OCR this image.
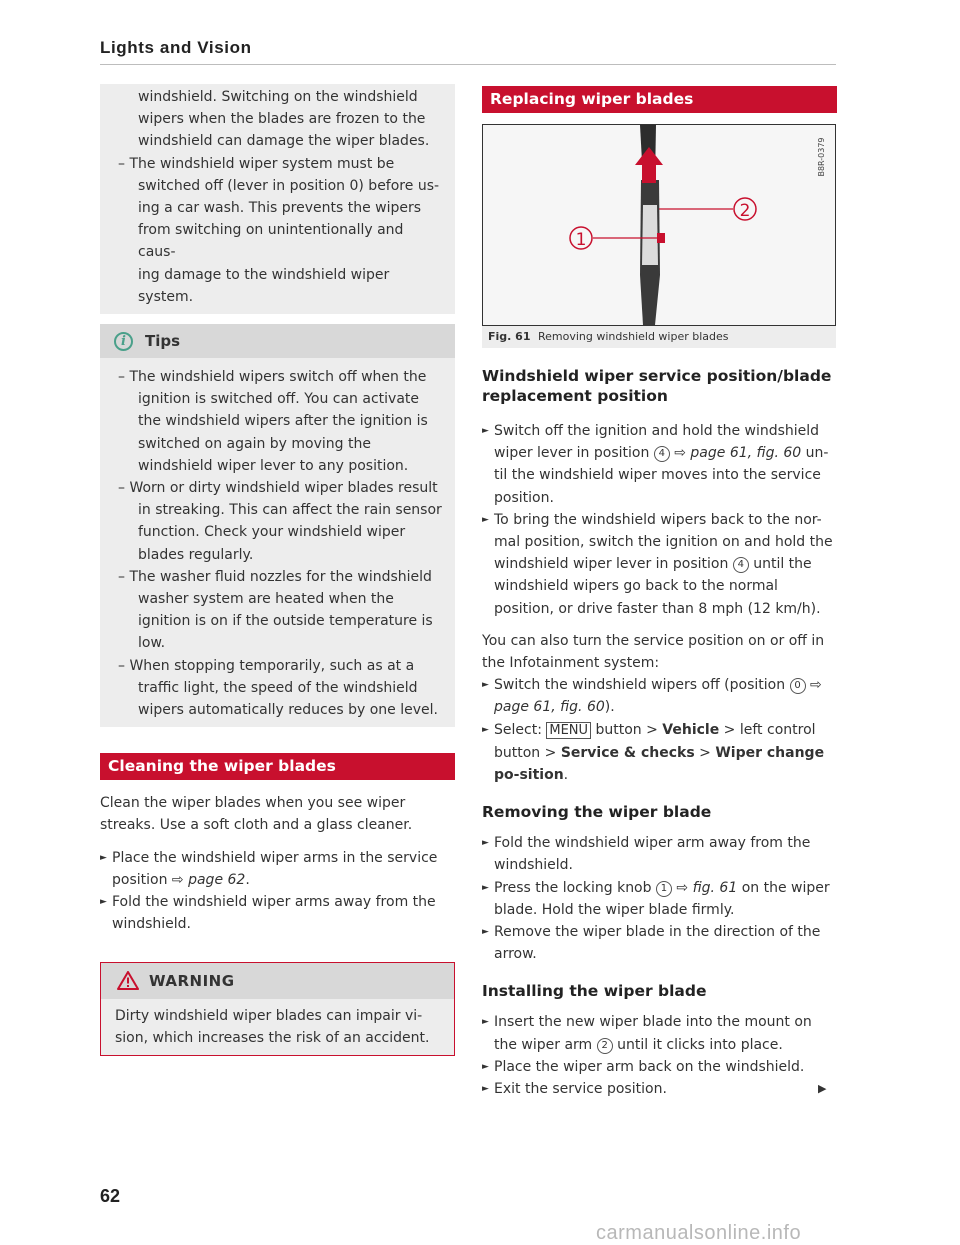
Lights and Vision

windshield. Switching on the windshield

wipers when the blades are frozen to the

windshield can damage the wiper blades.

– The windshield wiper system must be

switched off (lever in position 0) before us-

ing a car wash. This prevents the wipers

from switching on unintentionally and caus-

ing damage to the windshield wiper system.

i	Tips

– The windshield wipers switch off when the ignition is switched off. You can activate the windshield wipers after the ignition is switched on again by moving the windshield wiper lever to any position.

– Worn or dirty windshield wiper blades result in streaking. This can affect the rain sensor function. Check your windshield wiper blades regularly.

– The washer fluid nozzles for the windshield washer system are heated when the ignition is on if the outside temperature is low.

– When stopping temporarily, such as at a traffic light, the speed of the windshield wipers automatically reduces by one level.

Cleaning the wiper blades

Clean the wiper blades when you see wiper streaks. Use a soft cloth and a glass cleaner.

► Place the windshield wiper arms in the service position ⇨ page 62.

► Fold the windshield wiper arms away from the windshield.

WARNING

Dirty windshield wiper blades can impair vi-sion, which increases the risk of an accident.

Replacing wiper blades
2
1
B8R-0379
Fig. 61 Removing windshield wiper blades

Windshield wiper service position/blade replacement position

► Switch off the ignition and hold the windshield wiper lever in position 4 ⇨ page 61, fig. 60 un-til the windshield wiper moves into the service position.

► To bring the windshield wipers back to the nor-mal position, switch the ignition on and hold the windshield wiper lever in position 4 until the windshield wipers go back to the normal position, or drive faster than 8 mph (12 km/h).

You can also turn the service position on or off in the Infotainment system:

► Switch the windshield wipers off (position 0 ⇨ page 61, fig. 60).

► Select: MENU button > Vehicle > left control button > Service & checks > Wiper change po-sition.

Removing the wiper blade

► Fold the windshield wiper arm away from the windshield.

► Press the locking knob 1 ⇨ fig. 61 on the wiper blade. Hold the wiper blade firmly.

► Remove the wiper blade in the direction of the arrow.

Installing the wiper blade

► Insert the new wiper blade into the mount on the wiper arm 2 until it clicks into place.

► Place the wiper arm back on the windshield.

► Exit the service position.	▶

62
carmanualsonline.info
